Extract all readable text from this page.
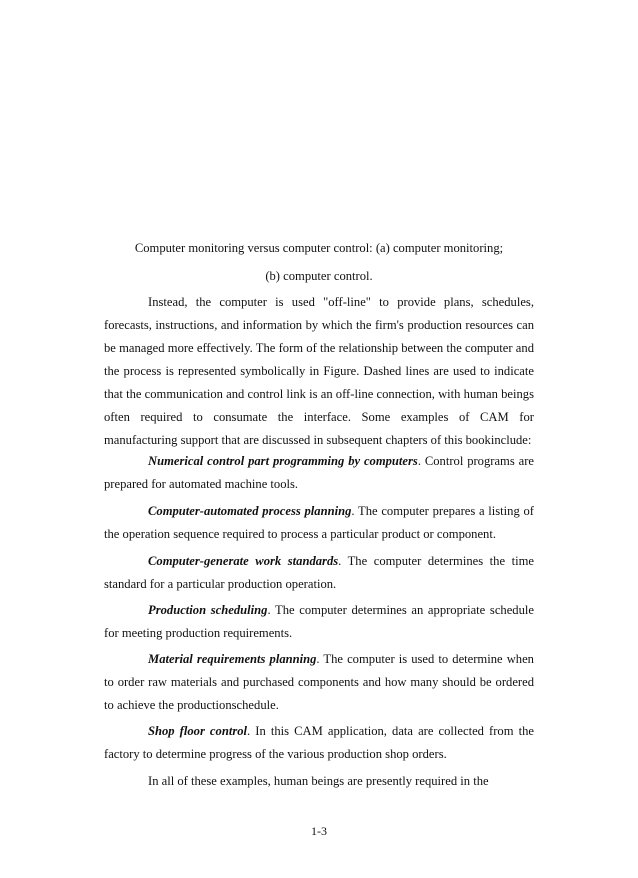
Computer monitoring versus computer control: (a) computer monitoring;
(b) computer control.
Instead, the computer is used "off-line" to provide plans, schedules, forecasts, instructions, and information by which the firm's production resources can be managed more effectively. The form of the relationship between the computer and the process is represented symbolically in Figure. Dashed lines are used to indicate that the communication and control link is an off-line connection, with human beings often required to consumate the interface. Some examples of CAM for manufacturing support that are discussed in subsequent chapters of this bookinclude:
Numerical control part programming by computers. Control programs are prepared for automated machine tools.
Computer-automated process planning. The computer prepares a listing of the operation sequence required to process a particular product or component.
Computer-generate work standards. The computer determines the time standard for a particular production operation.
Production scheduling. The computer determines an appropriate schedule for meeting production requirements.
Material requirements planning. The computer is used to determine when to order raw materials and purchased components and how many should be ordered to achieve the productionschedule.
Shop floor control. In this CAM application, data are collected from the factory to determine progress of the various production shop orders.
In all of these examples, human beings are presently required in the
1-3
